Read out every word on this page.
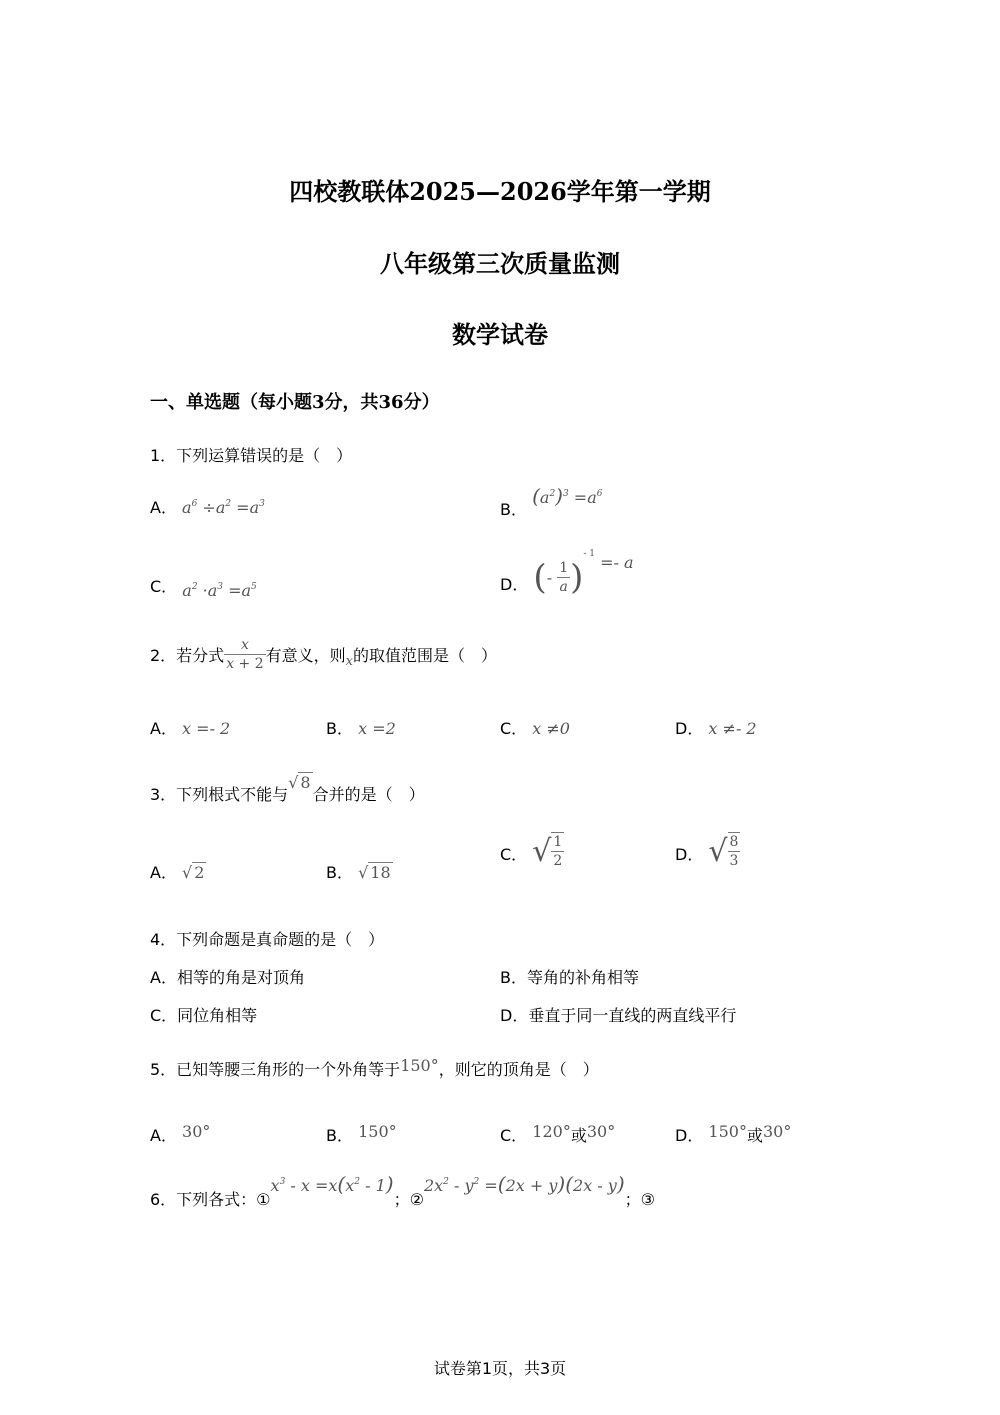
四校教联体2025—2026学年第一学期
八年级第三次质量监测
数学试卷
一、单选题（每小题3分，共36分）
1．下列运算错误的是（　）
A． $a^6 \div a^2 =a^3$	B． $(a^2)^3 =a^6$
C． $a^2 \cdot a^3 =a^5$	D． (- $\frac{1}{a} )^{- 1} =- a$
2．若分式 $\frac{x}{x + 2}$ 有意义，则$_x$的取值范围是（　）
A． x =- 2	B． x =2	C． x ≠0	D． x ≠- 2
3．下列根式不能与√ 8合并的是（　）
A． √ 2	B． √ 18
C． √ $\frac{1}{2}$	D． √ $\frac{8}{3}$
4．下列命题是真命题的是（　）
A．相等的角是对顶角	B．等角的补角相等
C．同位角相等	D．垂直于同一直线的两直线平行
5．已知等腰三角形的一个外角等于150°，则它的顶角是（　）
A． 30°	B． 150°	C． 120°或30°	D． 150°或30°
6．下列各式：$①x^3 - x =x(x^2 - 1)$；$②2x^2 - y^2 =(2x + y)(2x - y)$；③
试卷第1页，共3页
